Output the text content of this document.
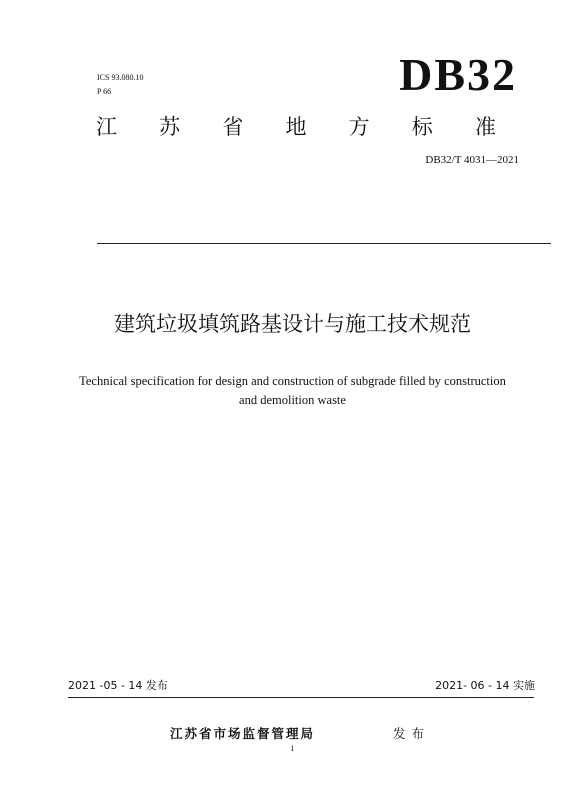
ICS 93.080.10
P 66	DB32
江 苏 省 地 方 标 准
DB32/T 4031—2021
建筑垃圾填筑路基设计与施工技术规范
Technical specification for design and construction of subgrade filled by construction
and demolition waste
2021 -05 - 14 发布	2021- 06 - 14 实施
江苏省市场监督管理局	发布
1
